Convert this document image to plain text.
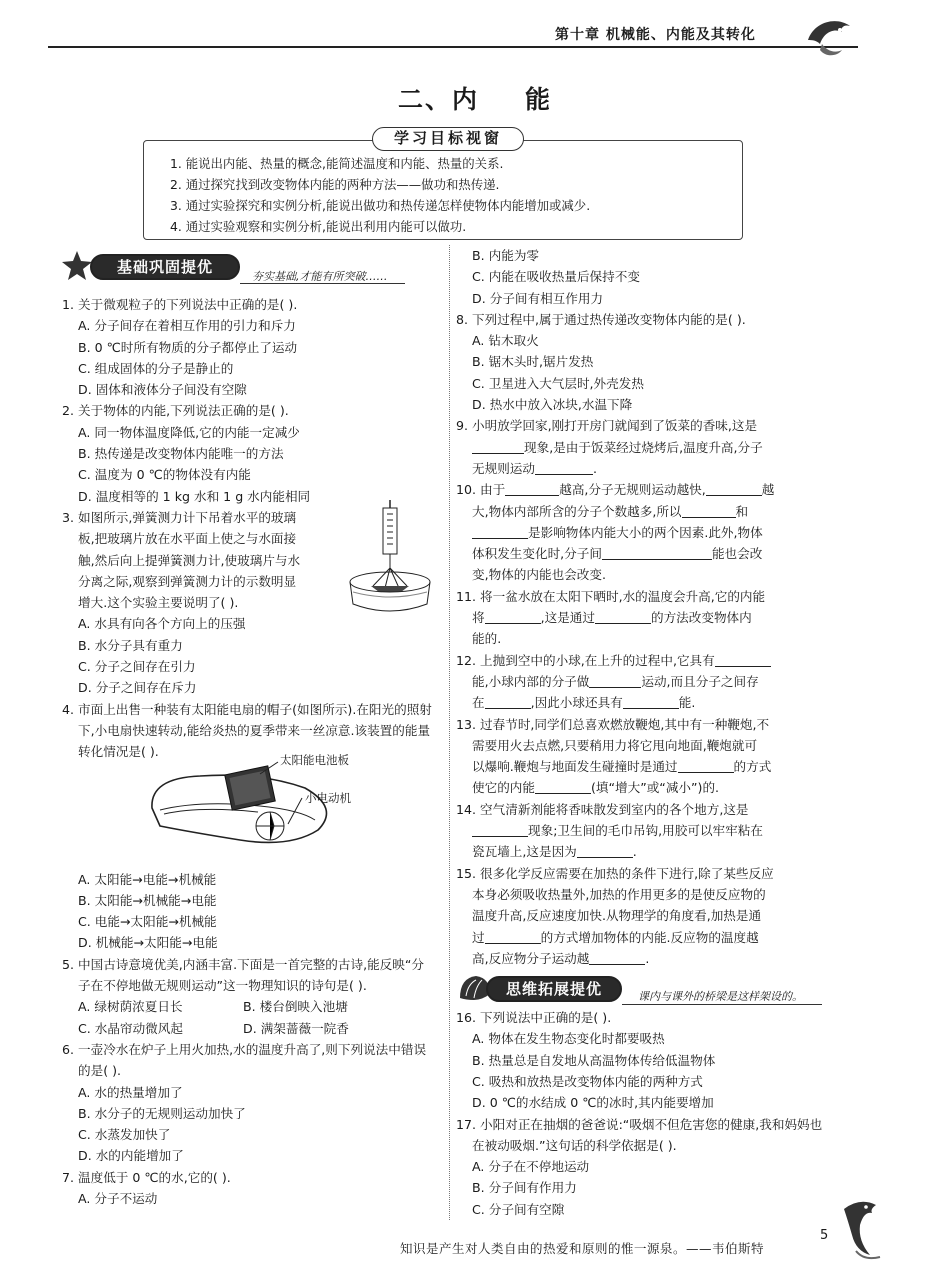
第十章 机械能、内能及其转化
二、内 能
学习目标视窗
1. 能说出内能、热量的概念,能简述温度和内能、热量的关系.
2. 通过探究找到改变物体内能的两种方法——做功和热传递.
3. 通过实验探究和实例分析,能说出做功和热传递怎样使物体内能增加或减少.
4. 通过实验观察和实例分析,能说出利用内能可以做功.
基础巩固提优
夯实基础,才能有所突破……
1. 关于微观粒子的下列说法中正确的是( ).
A. 分子间存在着相互作用的引力和斥力
B. 0 ℃时所有物质的分子都停止了运动
C. 组成固体的分子是静止的
D. 固体和液体分子间没有空隙
2. 关于物体的内能,下列说法正确的是( ).
A. 同一物体温度降低,它的内能一定减少
B. 热传递是改变物体内能唯一的方法
C. 温度为 0 ℃的物体没有内能
D. 温度相等的 1 kg 水和 1 g 水内能相同
3. 如图所示,弹簧测力计下吊着水平的玻璃
板,把玻璃片放在水平面上使之与水面接
触,然后向上提弹簧测力计,使玻璃片与水
分离之际,观察到弹簧测力计的示数明显
增大.这个实验主要说明了( ).
A. 水具有向各个方向上的压强
B. 水分子具有重力
C. 分子之间存在引力
D. 分子之间存在斥力
4. 市面上出售一种装有太阳能电扇的帽子(如图所示).在阳光的照射下,小电扇快速转动,能给炎热的夏季带来一丝凉意.该装置的能量转化情况是( ).
A. 太阳能→电能→机械能
B. 太阳能→机械能→电能
C. 电能→太阳能→机械能
D. 机械能→太阳能→电能
5. 中国古诗意境优美,内涵丰富.下面是一首完整的古诗,能反映“分子在不停地做无规则运动”这一物理知识的诗句是( ).
A. 绿树荫浓夏日长	B. 楼台倒映入池塘
C. 水晶帘动微风起	D. 满架蔷薇一院香
6. 一壶冷水在炉子上用火加热,水的温度升高了,则下列说法中错误的是( ).
A. 水的热量增加了
B. 水分子的无规则运动加快了
C. 水蒸发加快了
D. 水的内能增加了
7. 温度低于 0 ℃的水,它的( ).
A. 分子不运动
太阳能电池板
小电动机
B. 内能为零
C. 内能在吸收热量后保持不变
D. 分子间有相互作用力
8. 下列过程中,属于通过热传递改变物体内能的是( ).
A. 钻木取火
B. 锯木头时,锯片发热
C. 卫星进入大气层时,外壳发热
D. 热水中放入冰块,水温下降
9. 小明放学回家,刚打开房门就闻到了饭菜的香味,这是
现象,是由于饭菜经过烧烤后,温度升高,分子
无规则运动	.
10. 由于	越高,分子无规则运动越快,	越
大,物体内部所含的分子个数越多,所以	和
是影响物体内能大小的两个因素.此外,物体
体积发生变化时,分子间	能也会改
变,物体的内能也会改变.
11. 将一盆水放在太阳下晒时,水的温度会升高,它的内能
将	,这是通过	的方法改变物体内
能的.
12. 上抛到空中的小球,在上升的过程中,它具有
能,小球内部的分子做	运动,而且分子之间存
在	,因此小球还具有	能.
13. 过春节时,同学们总喜欢燃放鞭炮,其中有一种鞭炮,不
需要用火去点燃,只要稍用力将它甩向地面,鞭炮就可
以爆响.鞭炮与地面发生碰撞时是通过	的方式
使它的内能	(填“增大”或“减小”)的.
14. 空气清新剂能将香味散发到室内的各个地方,这是
现象;卫生间的毛巾吊钩,用胶可以牢牢粘在
瓷瓦墙上,这是因为	.
15. 很多化学反应需要在加热的条件下进行,除了某些反应
本身必须吸收热量外,加热的作用更多的是使反应物的
温度升高,反应速度加快.从物理学的角度看,加热是通
过	的方式增加物体的内能.反应物的温度越
高,反应物分子运动越	.
16. 下列说法中正确的是( ).
A. 物体在发生物态变化时都要吸热
B. 热量总是自发地从高温物体传给低温物体
C. 吸热和放热是改变物体内能的两种方式
D. 0 ℃的水结成 0 ℃的冰时,其内能要增加
17. 小阳对正在抽烟的爸爸说:“吸烟不但危害您的健康,我和妈妈也在被动吸烟.”这句话的科学依据是( ).
A. 分子在不停地运动
B. 分子间有作用力
C. 分子间有空隙
思维拓展提优	课内与课外的桥梁是这样架设的。
知识是产生对人类自由的热爱和原则的惟一源泉。——韦伯斯特
5
